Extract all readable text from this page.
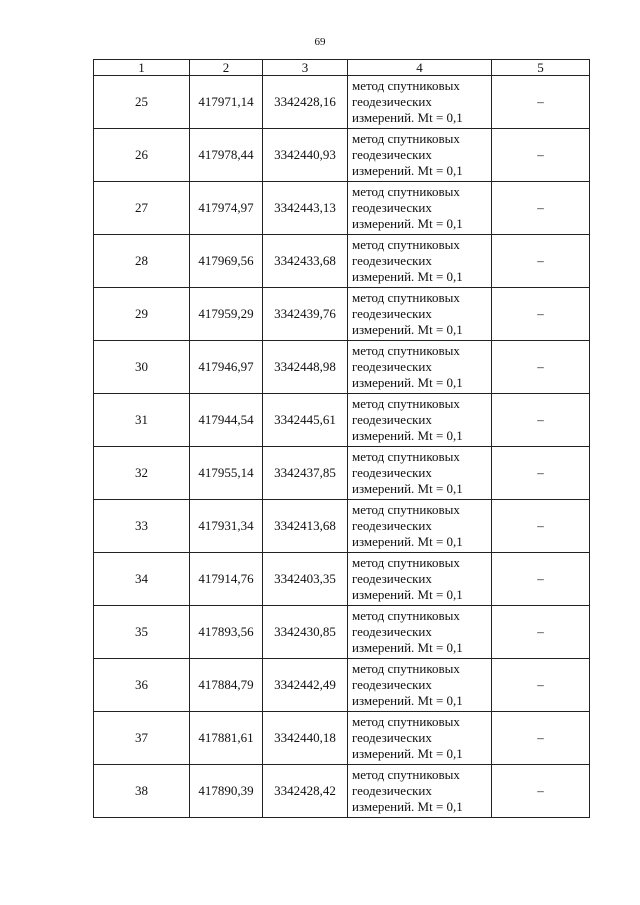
69
1	2	3	4	5
25	417971,14	3342428,16	метод спутниковых
геодезических
измерений. Mt = 0,1	–
26	417978,44	3342440,93	метод спутниковых
геодезических
измерений. Mt = 0,1	–
27	417974,97	3342443,13	метод спутниковых
геодезических
измерений. Mt = 0,1	–
28	417969,56	3342433,68	метод спутниковых
геодезических
измерений. Mt = 0,1	–
29	417959,29	3342439,76	метод спутниковых
геодезических
измерений. Mt = 0,1	–
30	417946,97	3342448,98	метод спутниковых
геодезических
измерений. Mt = 0,1	–
31	417944,54	3342445,61	метод спутниковых
геодезических
измерений. Mt = 0,1	–
32	417955,14	3342437,85	метод спутниковых
геодезических
измерений. Mt = 0,1	–
33	417931,34	3342413,68	метод спутниковых
геодезических
измерений. Mt = 0,1	–
34	417914,76	3342403,35	метод спутниковых
геодезических
измерений. Mt = 0,1	–
35	417893,56	3342430,85	метод спутниковых
геодезических
измерений. Mt = 0,1	–
36	417884,79	3342442,49	метод спутниковых
геодезических
измерений. Mt = 0,1	–
37	417881,61	3342440,18	метод спутниковых
геодезических
измерений. Mt = 0,1	–
38	417890,39	3342428,42	метод спутниковых
геодезических
измерений. Mt = 0,1	–
